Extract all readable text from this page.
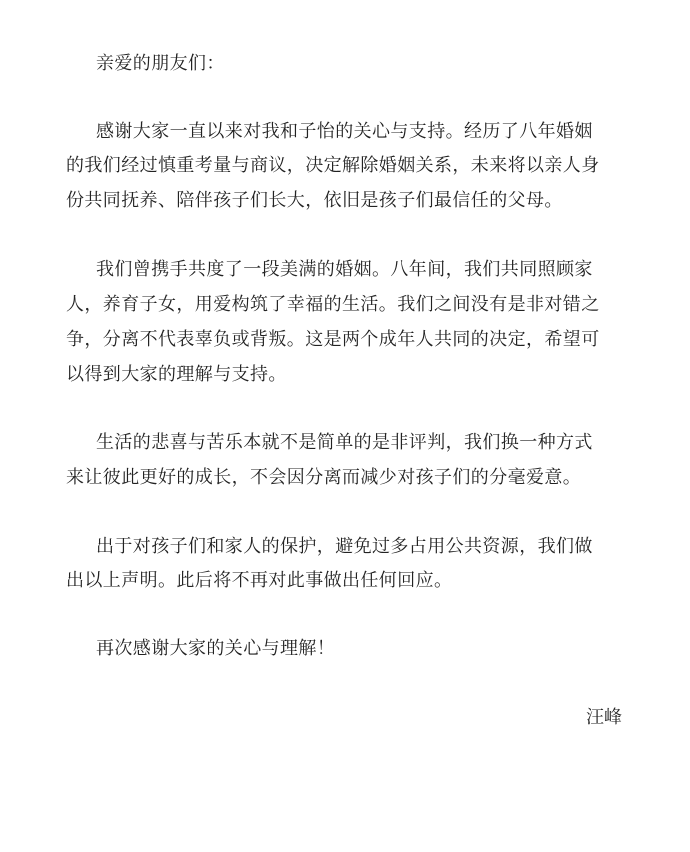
亲爱的朋友们：
感谢大家一直以来对我和子怡的关心与支持。经历了八年婚姻
的我们经过慎重考量与商议，决定解除婚姻关系，未来将以亲人身
份共同抚养、陪伴孩子们长大，依旧是孩子们最信任的父母。
我们曾携手共度了一段美满的婚姻。八年间，我们共同照顾家
人，养育子女，用爱构筑了幸福的生活。我们之间没有是非对错之
争，分离不代表辜负或背叛。这是两个成年人共同的决定，希望可
以得到大家的理解与支持。
生活的悲喜与苦乐本就不是简单的是非评判，我们换一种方式
来让彼此更好的成长，不会因分离而减少对孩子们的分毫爱意。
出于对孩子们和家人的保护，避免过多占用公共资源，我们做
出以上声明。此后将不再对此事做出任何回应。
再次感谢大家的关心与理解！
汪峰
